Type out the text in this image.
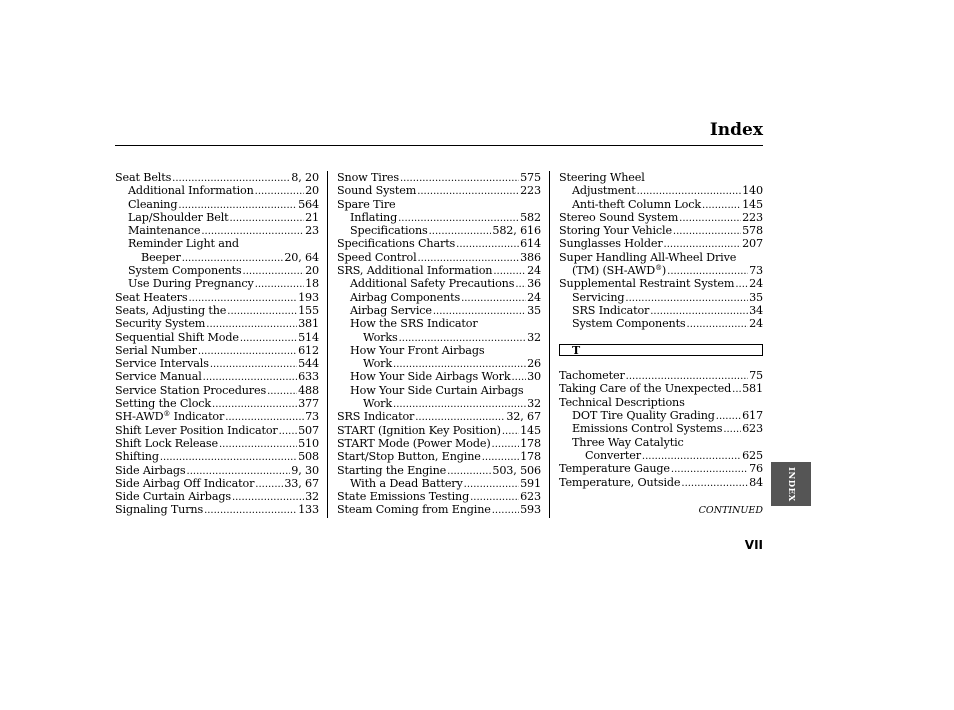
Index
Seat Belts .....	8, 20
Additional Information .....	20
Cleaning .....	564
Lap/Shoulder Belt .....	21
Maintenance .....	23
Reminder Light and
Beeper .....	20, 64
System Components .....	20
Use During Pregnancy .....	18
Seat Heaters .....	193
Seats, Adjusting the .....	155
Security System .....	381
Sequential Shift Mode .....	514
Serial Number .....	612
Service Intervals .....	544
Service Manual .....	633
Service Station Procedures .....	488
Setting the Clock .....	377
SH-AWD® Indicator .....	73
Shift Lever Position Indicator ..... 507
Shift Lock Release .....	510
Shifting .....	508
Side Airbags .....	9, 30
Side Airbag Off Indicator .....	33, 67
Side Curtain Airbags .....	32
Signaling Turns .....	133
Snow Tires .....	575
Sound System .....	223
Spare Tire
Inflating .....	582
Specifications .....	582, 616
Specifications Charts .....	614
Speed Control .....	386
SRS, Additional Information .....	24
Additional Safety Precautions ..... 36
Airbag Components .....	24
Airbag Service .....	35
How the SRS Indicator
Works .....	32
How Your Front Airbags
Work .....	26
How Your Side Airbags Work ..... 30
How Your Side Curtain Airbags
Work .....	32
SRS Indicator .....	32, 67
START (Ignition Key Position) ..... 145
START Mode (Power Mode) .....	178
Start/Stop Button, Engine .....	178
Starting the Engine .....	503, 506
With a Dead Battery .....	591
State Emissions Testing .....	623
Steam Coming from Engine .....	593
Steering Wheel
Adjustment .....	140
Anti-theft Column Lock .....	145
Stereo Sound System .....	223
Storing Your Vehicle .....	578
Sunglasses Holder .....	207
Super Handling All-Wheel Drive
(TM) (SH-AWD®) .....	73
Supplemental Restraint System ..... 24
Servicing .....	35
SRS Indicator .....	34
System Components .....	24
T
Tachometer .....	75
Taking Care of the Unexpected ..... 581
Technical Descriptions
DOT Tire Quality Grading ..... 617
Emissions Control Systems ..... 623
Three Way Catalytic
Converter .....	625
Temperature Gauge .....	76
Temperature, Outside .....	84
CONTINUED
VII
INDEX
